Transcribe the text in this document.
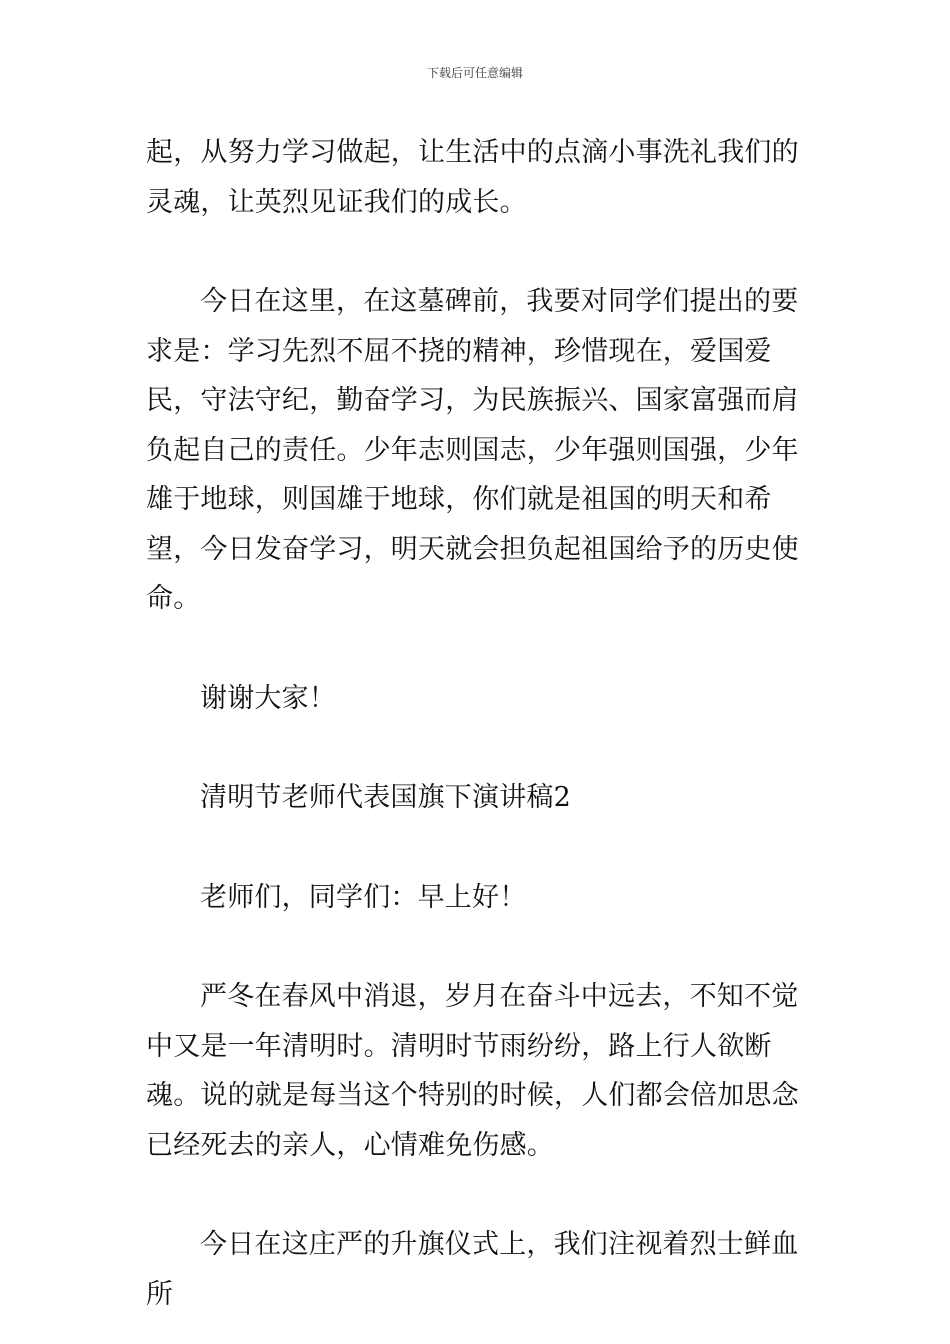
下载后可任意编辑

起，从努力学习做起，让生活中的点滴小事洗礼我们的灵魂，让英烈见证我们的成长。

今日在这里，在这墓碑前，我要对同学们提出的要求是：学习先烈不屈不挠的精神，珍惜现在，爱国爱民，守法守纪，勤奋学习，为民族振兴、国家富强而肩负起自己的责任。少年志则国志，少年强则国强，少年雄于地球，则国雄于地球，你们就是祖国的明天和希望，今日发奋学习，明天就会担负起祖国给予的历史使命。

谢谢大家！

清明节老师代表国旗下演讲稿2

老师们，同学们：早上好！

严冬在春风中消退，岁月在奋斗中远去，不知不觉中又是一年清明时。清明时节雨纷纷，路上行人欲断魂。说的就是每当这个特别的时候，人们都会倍加思念已经死去的亲人，心情难免伤感。

今日在这庄严的升旗仪式上，我们注视着烈士鲜血所
